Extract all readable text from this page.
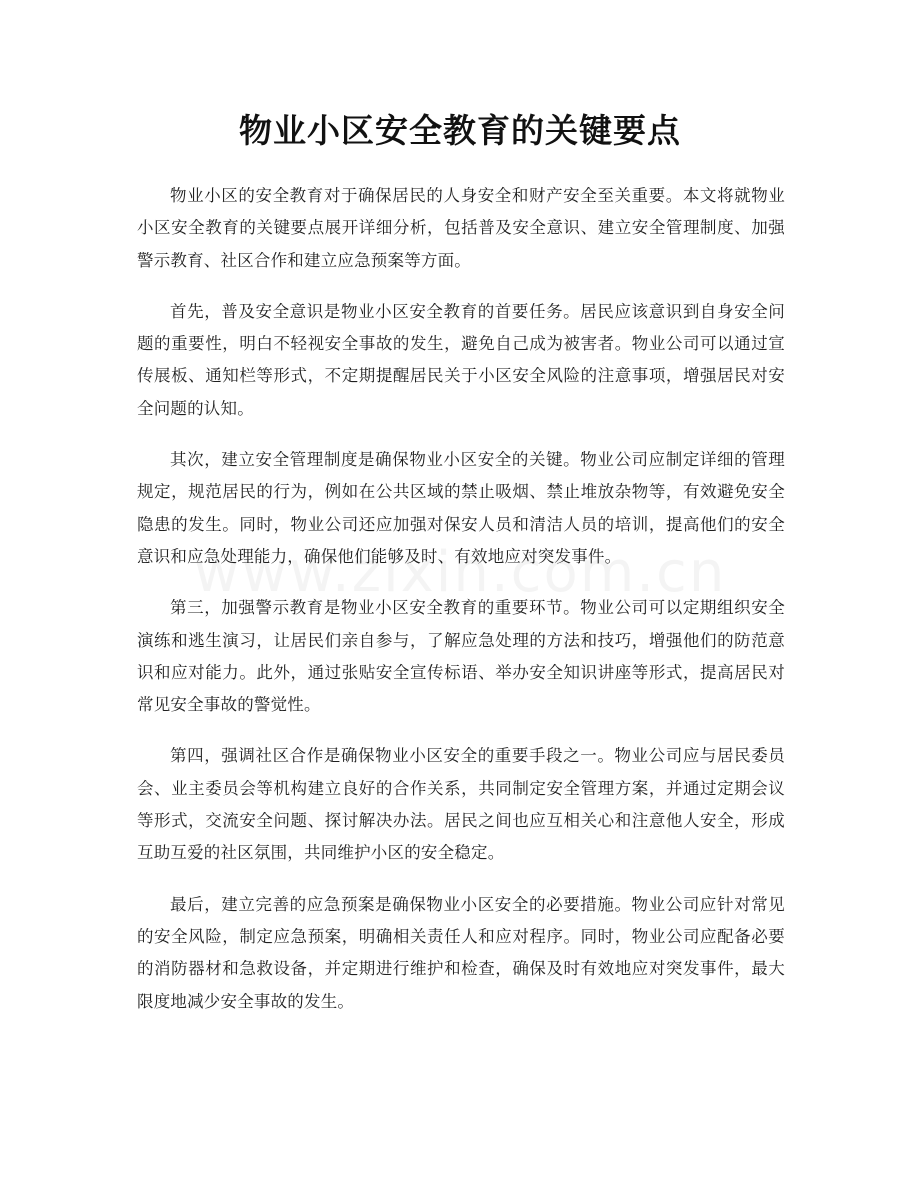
物业小区安全教育的关键要点

物业小区的安全教育对于确保居民的人身安全和财产安全至关重要。本文将就物业小区安全教育的关键要点展开详细分析，包括普及安全意识、建立安全管理制度、加强警示教育、社区合作和建立应急预案等方面。

首先，普及安全意识是物业小区安全教育的首要任务。居民应该意识到自身安全问题的重要性，明白不轻视安全事故的发生，避免自己成为被害者。物业公司可以通过宣传展板、通知栏等形式，不定期提醒居民关于小区安全风险的注意事项，增强居民对安全问题的认知。

其次，建立安全管理制度是确保物业小区安全的关键。物业公司应制定详细的管理规定，规范居民的行为，例如在公共区域的禁止吸烟、禁止堆放杂物等，有效避免安全隐患的发生。同时，物业公司还应加强对保安人员和清洁人员的培训，提高他们的安全意识和应急处理能力，确保他们能够及时、有效地应对突发事件。

第三，加强警示教育是物业小区安全教育的重要环节。物业公司可以定期组织安全演练和逃生演习，让居民们亲自参与，了解应急处理的方法和技巧，增强他们的防范意识和应对能力。此外，通过张贴安全宣传标语、举办安全知识讲座等形式，提高居民对常见安全事故的警觉性。

第四，强调社区合作是确保物业小区安全的重要手段之一。物业公司应与居民委员会、业主委员会等机构建立良好的合作关系，共同制定安全管理方案，并通过定期会议等形式，交流安全问题、探讨解决办法。居民之间也应互相关心和注意他人安全，形成互助互爱的社区氛围，共同维护小区的安全稳定。

最后，建立完善的应急预案是确保物业小区安全的必要措施。物业公司应针对常见的安全风险，制定应急预案，明确相关责任人和应对程序。同时，物业公司应配备必要的消防器材和急救设备，并定期进行维护和检查，确保及时有效地应对突发事件，最大限度地减少安全事故的发生。
